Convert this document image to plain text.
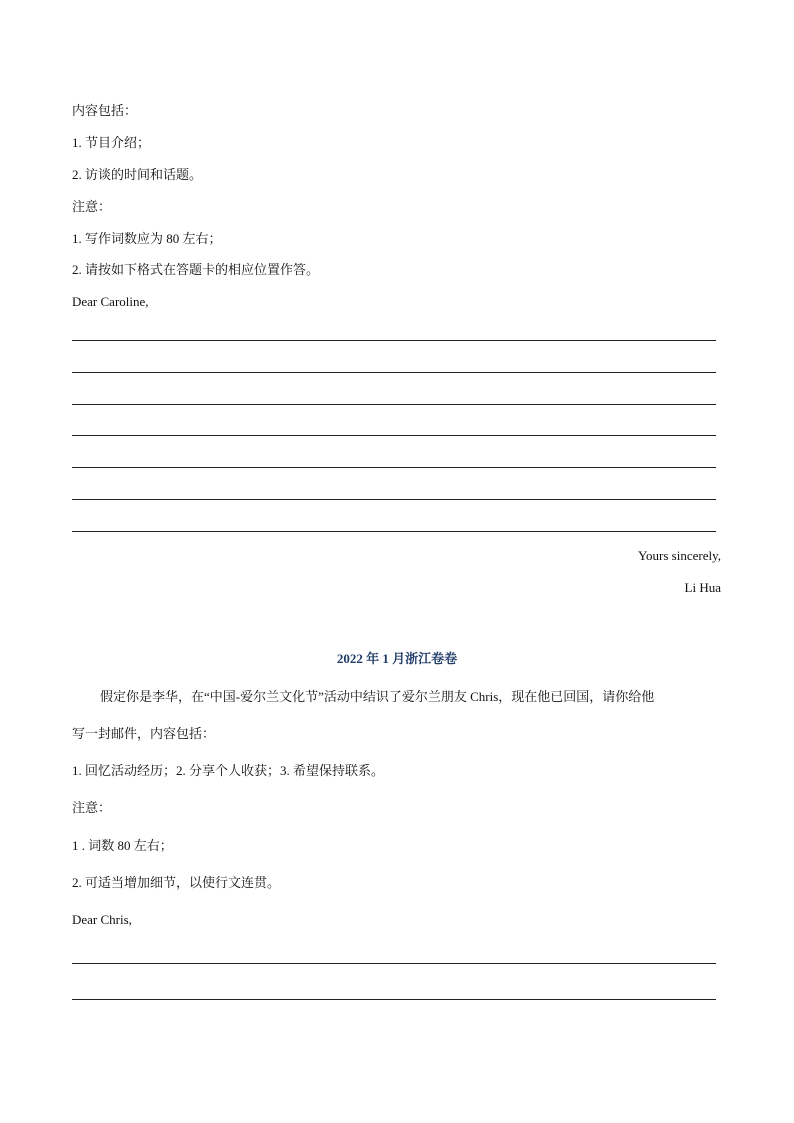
内容包括：
1. 节目介绍；
2. 访谈的时间和话题。
注意：
1. 写作词数应为 80 左右；
2. 请按如下格式在答题卡的相应位置作答。
Dear Caroline,
Yours sincerely,
Li Hua
2022 年 1 月浙江卷卷
假定你是李华，在“中国-爱尔兰文化节”活动中结识了爱尔兰朋友 Chris，现在他已回国，请你给他
写一封邮件，内容包括：
1. 回忆活动经历；2. 分享个人收获；3. 希望保持联系。
注意：
1 . 词数 80 左右；
2. 可适当增加细节，以使行文连贯。
Dear Chris,
